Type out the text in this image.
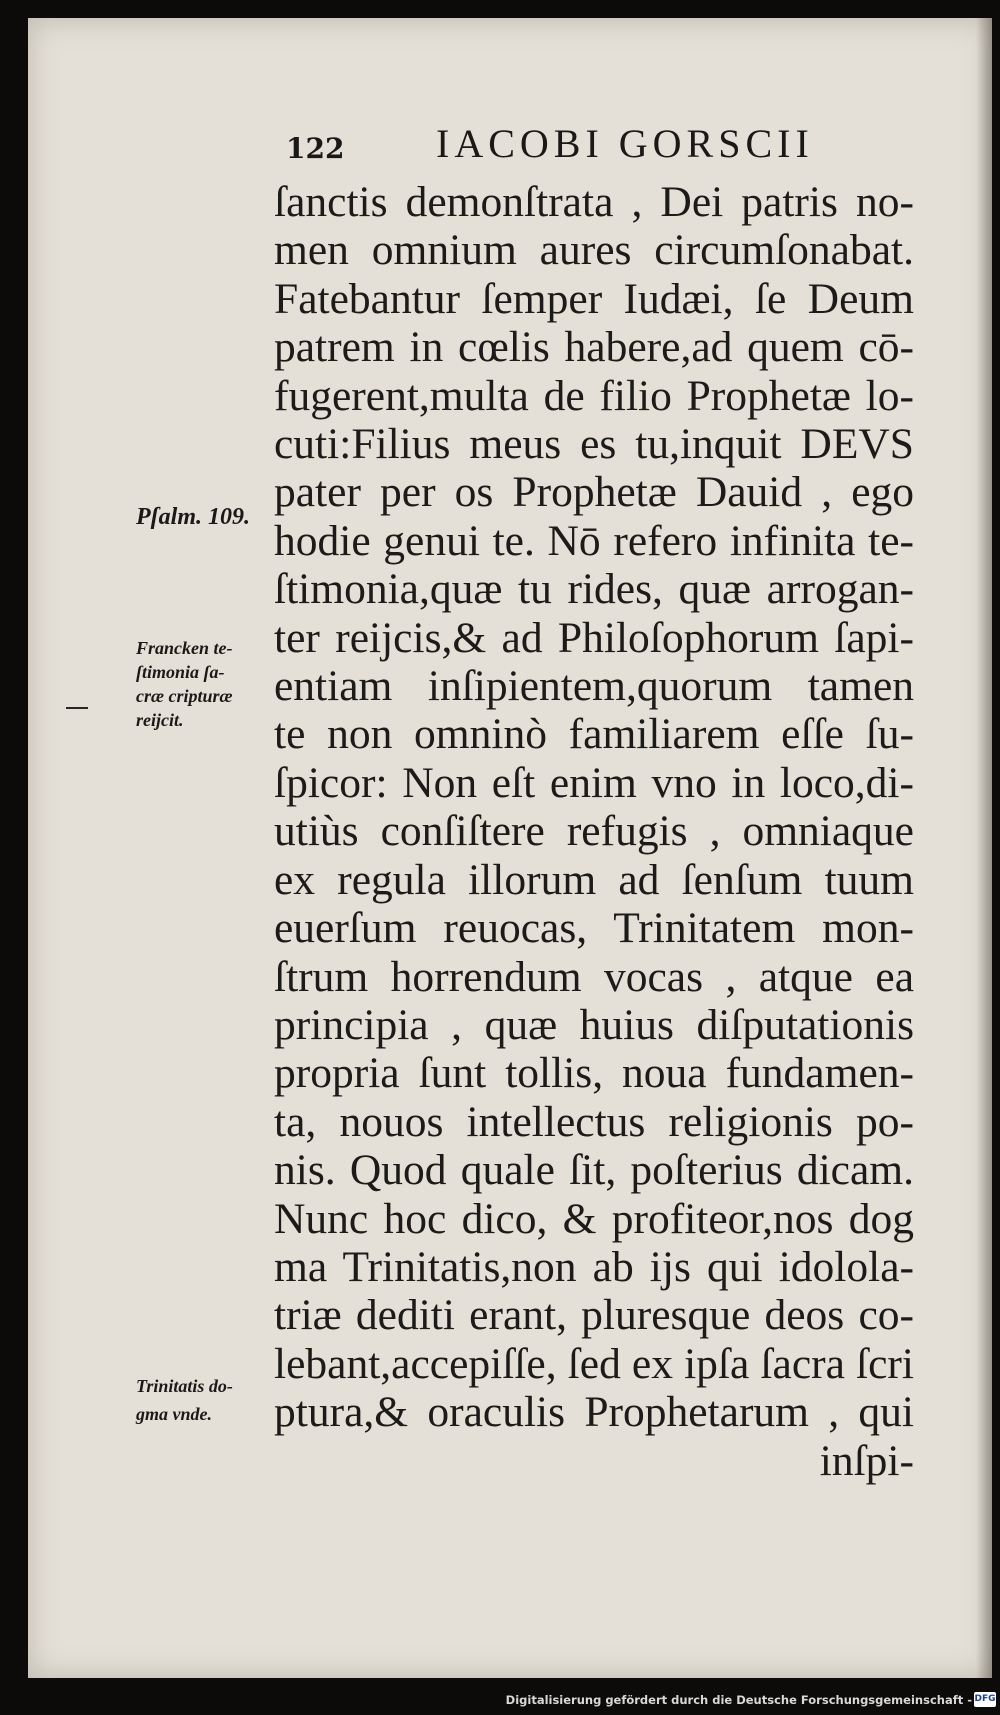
122 IACOBI GORSCII
Pſalm. 109.
Francken te-
ſtimonia ſa-
cræ cripturæ
reijcit.
Trinitatis do-
gma vnde.
ſanctis demonſtrata , Dei patris no-
men omnium aures circumſonabat.
Fatebantur ſemper Iudæi, ſe Deum
patrem in cœlis habere,ad quem cō-
fugerent,multa de filio Prophetæ lo-
cuti:Filius meus es tu,inquit DEVS
pater per os Prophetæ Dauid , ego
hodie genui te. Nō refero infinita te-
ſtimonia,quæ tu rides, quæ arrogan-
ter reijcis,& ad Philoſophorum ſapi-
entiam inſipientem,quorum tamen
te non omninò familiarem eſſe ſu-
ſpicor: Non eſt enim vno in loco,di-
utiùs conſiſtere refugis , omniaque
ex regula illorum ad ſenſum tuum
euerſum reuocas, Trinitatem mon-
ſtrum horrendum vocas , atque ea
principia , quæ huius diſputationis
propria ſunt tollis, noua fundamen-
ta, nouos intellectus religionis po-
nis. Quod quale ſit, poſterius dicam.
Nunc hoc dico, & profiteor,nos dog
ma Trinitatis,non ab ijs qui idolola-
triæ dediti erant, pluresque deos co-
lebant,accepiſſe, ſed ex ipſa ſacra ſcri
ptura,& oraculis Prophetarum , qui
inſpi-
Digitalisierung gefördert durch die Deutsche Forschungsgemeinschaft - DFG
